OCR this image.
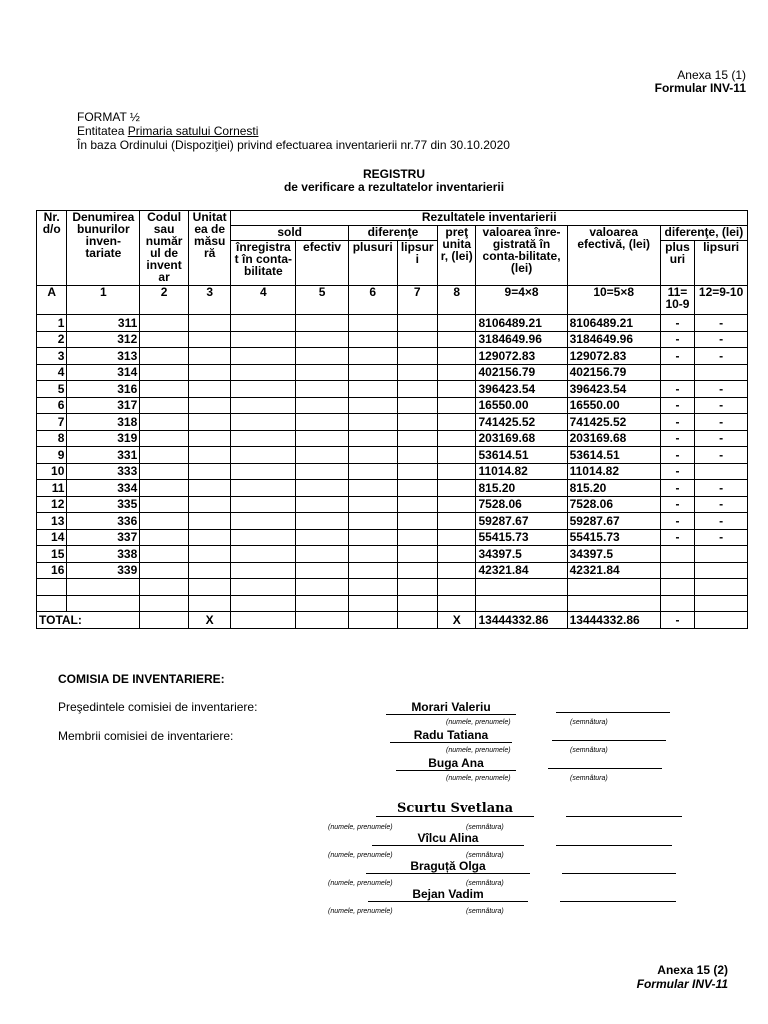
Anexa 15 (1)
Formular INV-11
FORMAT ½
Entitatea Primaria satului Cornesti
În baza Ordinului (Dispoziţiei) privind efectuarea inventarierii nr.77 din 30.10.2020
REGISTRU
de verificare a rezultatelor inventarierii
Nr. d/o	Denumirea bunurilor inven-tariate	Codul sau număr ul de invent ar	Unitat ea de măsu ră	Rezultatele inventarierii								
				sold		diferenţe		preţ unita r, (lei)	valoarea înre-gistrată în conta-bilitate, (lei)	valoarea efectivă, (lei)	diferenţe, (lei)	
				înregistra t în conta-bilitate	efectiv	plusuri	lipsuri				plus uri	lipsuri
A	1	2	3	4	5	6	7	8	9=4×8	10=5×8	11= 10-9	12=9-10
1	311								8106489.21	8106489.21	-	-
2	312								3184649.96	3184649.96	-	-
3	313								129072.83	129072.83	-	-
4	314								402156.79	402156.79		
5	316								396423.54	396423.54	-	-
6	317								16550.00	16550.00	-	-
7	318								741425.52	741425.52	-	-
8	319								203169.68	203169.68	-	-
9	331								53614.51	53614.51	-	-
10	333								11014.82	11014.82	-	
11	334								815.20	815.20	-	-
12	335								7528.06	7528.06	-	-
13	336								59287.67	59287.67	-	-
14	337								55415.73	55415.73	-	-
15	338								34397.5	34397.5		
16	339								42321.84	42321.84		

TOTAL:			X					X	13444332.86	13444332.86	-	
COMISIA DE INVENTARIERE:
Preşedintele comisiei de inventariere:
Membrii comisiei de inventariere:
Morari Valeriu
(numele, prenumele)	(semnătura)
Radu Tatiana
(numele, prenumele)	(semnătura)
Buga Ana
(numele, prenumele)	(semnătura)
Scurtu Svetlana
(numele, prenumele)	(semnătura)
Vîlcu Alina
(numele, prenumele)	(semnătura)
Braguță Olga
(numele, prenumele)	(semnătura)
Bejan Vadim
(numele, prenumele)	(semnătura)
Anexa 15 (2)
Formular INV-11
